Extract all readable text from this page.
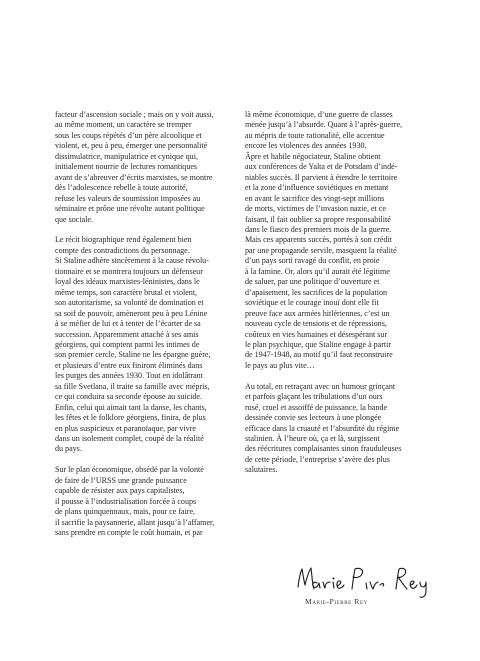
facteur d’ascension sociale ; mais on y voit aussi,
au même moment, un caractère se tremper
sous les coups répétés d’un père alcoolique et
violent, et, peu à peu, émerger une personnalité
dissimulatrice, manipulatrice et cynique qui,
initialement nourrie de lectures romantiques
avant de s’abreuver d’écrits marxistes, se montre
dès l’adolescence rebelle à toute autorité,
refuse les valeurs de soumission imposées au
séminaire et prône une révolte autant politique
que sociale.

Le récit biographique rend également bien
compte des contradictions du personnage.
Si Staline adhère sincèrement à la cause révolu-
tionnaire et se montrera toujours un défenseur
loyal des idéaux marxistes-léninistes, dans le
même temps, son caractère brutal et violent,
son autoritarisme, sa volonté de domination et
sa soif de pouvoir, amèneront peu à peu Lénine
à se méfier de lui et à tenter de l’écarter de sa
succession. Apparemment attaché à ses amis
géorgiens, qui comptent parmi les intimes de
son premier cercle, Staline ne les épargne guère,
et plusieurs d’entre eux finiront éliminés dans
les purges des années 1930. Tout en idolâtrant
sa fille Svetlana, il traite sa famille avec mépris,
ce qui conduira sa seconde épouse au suicide.
Enfin, celui qui aimait tant la danse, les chants,
les fêtes et le folklore géorgiens, finira, de plus
en plus suspicieux et paranoïaque, par vivre
dans un isolement complet, coupé de la réalité
du pays.

Sur le plan économique, obsédé par la volonté
de faire de l’URSS une grande puissance
capable de résister aux pays capitalistes,
il pousse à l’industrialisation forcée à coups
de plans quinquennaux, mais, pour ce faire,
il sacrifie la paysannerie, allant jusqu’à l’affamer,
sans prendre en compte le coût humain, et par

là même économique, d’une guerre de classes
menée jusqu’à l’absurde. Quant à l’après-guerre,
au mépris de toute rationalité, elle accentue
encore les violences des années 1930.
Âpre et habile négociateur, Staline obtient
aux conférences de Yalta et de Potsdam d’indé-
niables succès. Il parvient à étendre le territoire
et la zone d’influence soviétiques en mettant
en avant le sacrifice des vingt-sept millions
de morts, victimes de l’invasion nazie, et ce
faisant, il fait oublier sa propre responsabilité
dans le fiasco des premiers mois de la guerre.
Mais ces apparents succès, portés à son crédit
par une propagande servile, masquent la réalité
d’un pays sorti ravagé du conflit, en proie
à la famine. Or, alors qu’il aurait été légitime
de saluer, par une politique d’ouverture et
d’apaisement, les sacrifices de la population
soviétique et le courage inouï dont elle fit
preuve face aux armées hitlériennes, c’est un
nouveau cycle de tensions et de répressions,
coûteux en vies humaines et désespérant sur
le plan psychique, que Staline engage à partir
de 1947-1948, au motif qu’il faut reconstruire
le pays au plus vite…

Au total, en retraçant avec un humour grinçant
et parfois glaçant les tribulations d’un ours
rusé, cruel et assoiffé de puissance, la bande
dessinée convie ses lecteurs à une plongée
efficace dans la cruauté et l’absurdité du régime
stalinien. À l’heure où, ça et là, surgissent
des réécritures complaisantes sinon frauduleuses
de cette période, l’entreprise s’avère des plus
salutaires.

Marie-Pierre Rey
